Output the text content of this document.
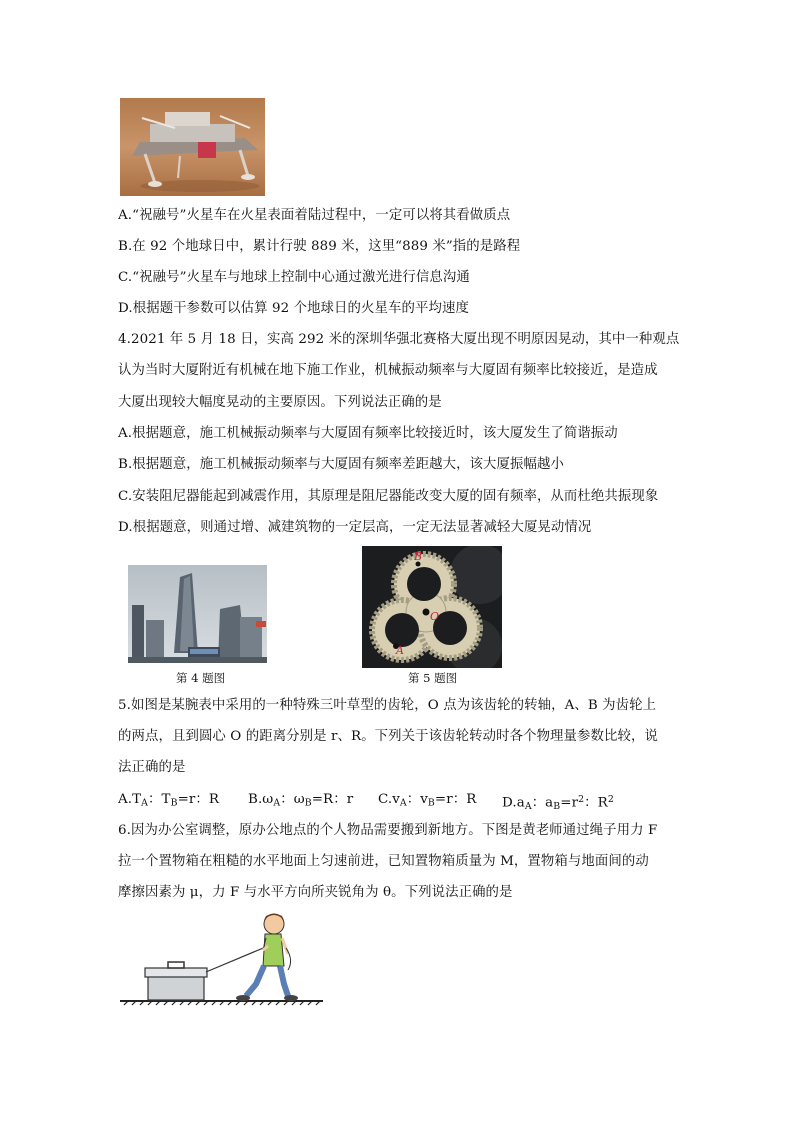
A.“祝融号”火星车在火星表面着陆过程中，一定可以将其看做质点
B.在 92 个地球日中，累计行驶 889 米，这里“889 米”指的是路程
C.“祝融号”火星车与地球上控制中心通过激光进行信息沟通
D.根据题干参数可以估算 92 个地球日的火星车的平均速度
4.2021 年 5 月 18 日，实高 292 米的深圳华强北赛格大厦出现不明原因晃动，其中一种观点
认为当时大厦附近有机械在地下施工作业，机械振动频率与大厦固有频率比较接近，是造成
大厦出现较大幅度晃动的主要原因。下列说法正确的是
A.根据题意，施工机械振动频率与大厦固有频率比较接近时，该大厦发生了简谐振动
B.根据题意，施工机械振动频率与大厦固有频率差距越大，该大厦振幅越小
C.安装阻尼器能起到减震作用，其原理是阻尼器能改变大厦的固有频率，从而杜绝共振现象
D.根据题意，则通过增、减建筑物的一定层高，一定无法显著减轻大厦晃动情况
第 4 题图
B
O
A
第 5 题图
5.如图是某腕表中采用的一种特殊三叶草型的齿轮，O 点为该齿轮的转轴，A、B 为齿轮上
的两点，且到圆心 O 的距离分别是 r、R。下列关于该齿轮转动时各个物理量参数比较，说
法正确的是
$A.T_A$：$T_B=r$：R $B.\omega_A$：$\omega_B=R$：r $C.v_A$：$v_B=r$：R $D.a_A$：$a_B=r^2$：$R^2$
6.因为办公室调整，原办公地点的个人物品需要搬到新地方。下图是黄老师通过绳子用力 F
拉一个置物箱在粗糙的水平地面上匀速前进，已知置物箱质量为 M，置物箱与地面间的动
摩擦因素为 μ，力 F 与水平方向所夹锐角为 θ。下列说法正确的是
